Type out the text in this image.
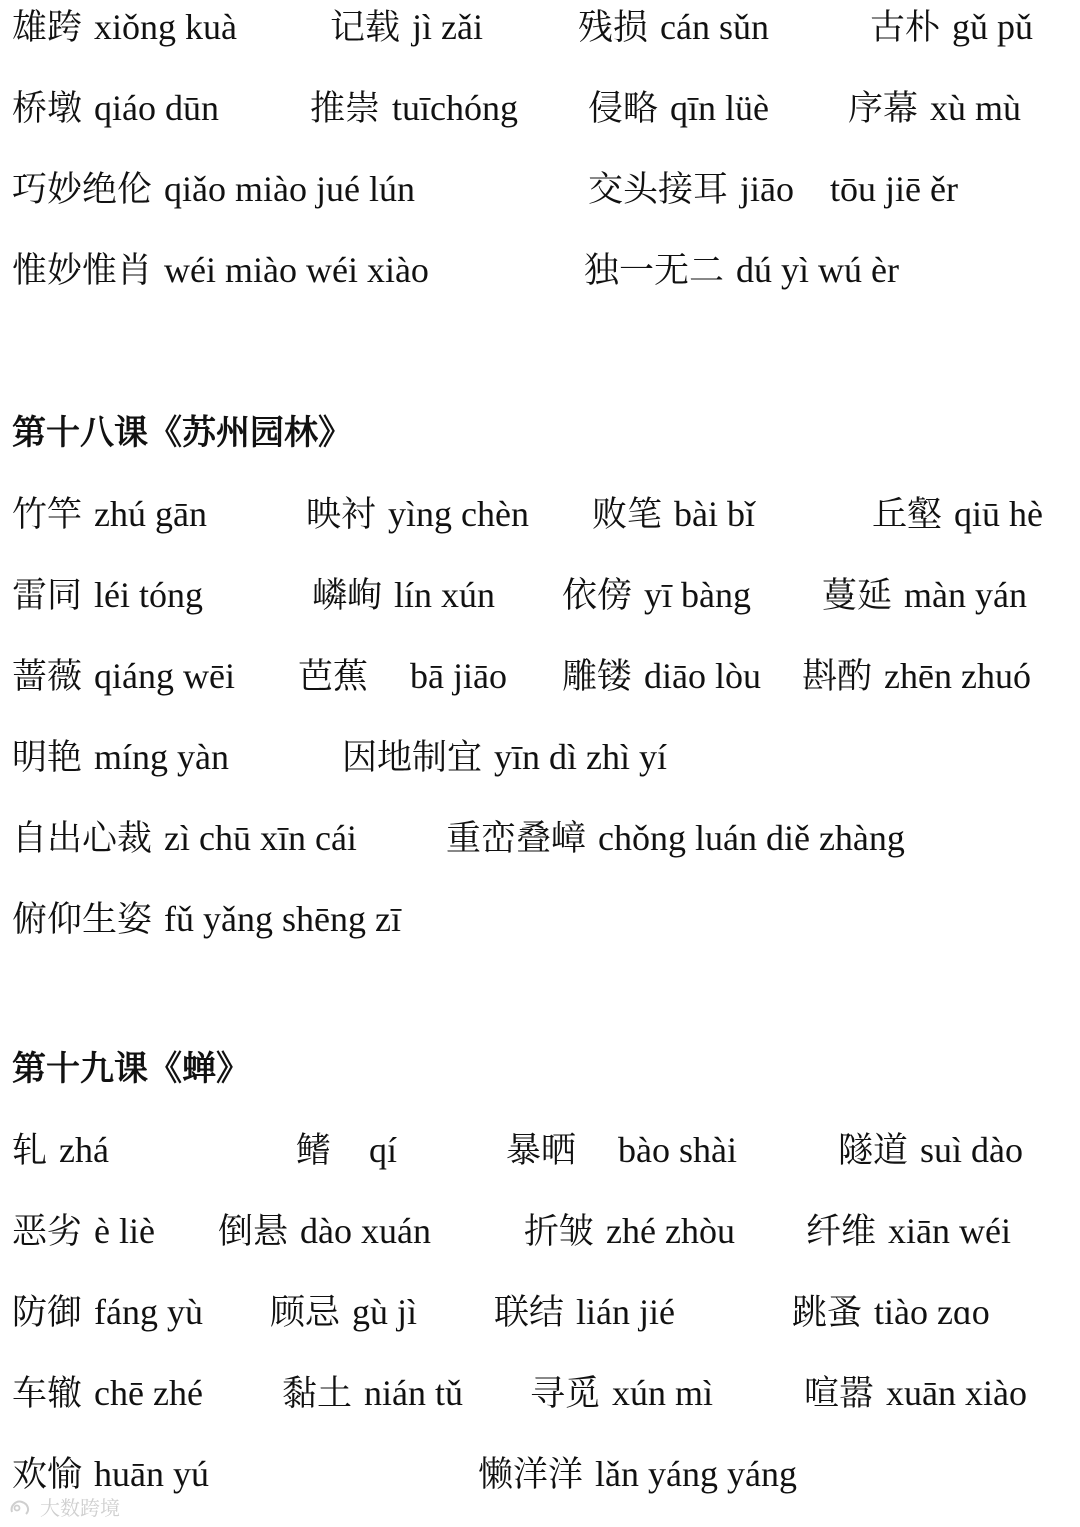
雄跨 xiǒng kuà	记载 jì zǎi	残损 cán sǔn	古朴 gǔ pǔ
桥墩 qiáo dūn	推崇 tuīchóng 侵略 qīn lüè 序幕 xù mù
巧妙绝伦 qiǎo miào jué lún	交头接耳 jiāo　tōu jiē ěr
惟妙惟肖 wéi miào wéi xiào	独一无二 dú yì wú èr
第十八课《苏州园林》
竹竿 zhú gān	映衬 yìng chèn 败笔 bài bǐ	丘壑 qiū hè
雷同 léi tóng	嶙峋 lín xún 依傍 yī bàng 蔓延 màn yán
蔷薇 qiáng wēi 芭蕉 bā jiāo 雕镂 diāo lòu 斟酌 zhēn zhuó
明艳 míng yàn	因地制宜 yīn dì zhì yí
自出心裁 zì chū xīn cái	重峦叠嶂 chǒng luán diě zhàng
俯仰生姿 fǔ yǎng shēng zī
第十九课《蝉》
轧 zhá	鳍 qí	暴晒 bào shài	隧道 suì dào
恶劣 è liè 倒悬 dào xuán	折皱 zhé zhòu 纤维 xiān wéi
防御 fáng yù 顾忌 gù jì 联结 lián jié	跳蚤 tiào zɑo
车辙 chē zhé 黏土 nián tǔ 寻觅 xún mì	喧嚣 xuān xiào
欢愉 huān yú	懒洋洋 lǎn yáng yáng
大数跨境
